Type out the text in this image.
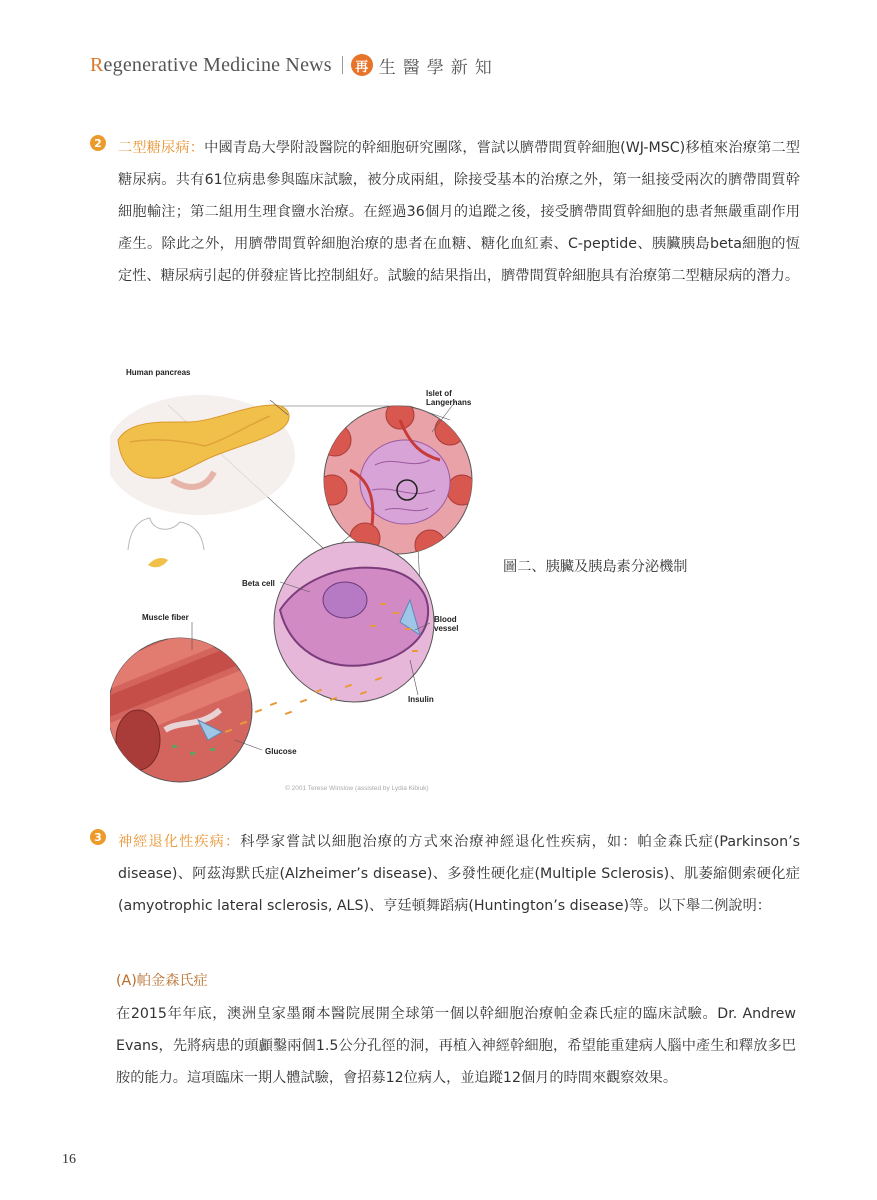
Regenerative Medicine News	再 生醫學新知
2 二型糖尿病：中國青島大學附設醫院的幹細胞研究團隊，嘗試以臍帶間質幹細胞(WJ-MSC)移植來治療第二型糖尿病。共有61位病患參與臨床試驗，被分成兩組，除接受基本的治療之外，第一組接受兩次的臍帶間質幹細胞輸注；第二組用生理食鹽水治療。在經過36個月的追蹤之後，接受臍帶間質幹細胞的患者無嚴重副作用產生。除此之外，用臍帶間質幹細胞治療的患者在血糖、糖化血紅素、C-peptide、胰臟胰島beta細胞的恆定性、糖尿病引起的併發症皆比控制組好。試驗的結果指出，臍帶間質幹細胞具有治療第二型糖尿病的潛力。

Human pancreas
Islet of
Langerhans
Beta cell
Muscle fiber	Blood
vessel
Insulin
Glucose
© 2001 Terese Winslow (assisted by Lydia Kibiuk)
圖二、胰臟及胰島素分泌機制
3 神經退化性疾病：科學家嘗試以細胞治療的方式來治療神經退化性疾病，如：帕金森氏症(Parkinson’s disease)、阿茲海默氏症(Alzheimer’s disease)、多發性硬化症(Multiple Sclerosis)、肌萎縮側索硬化症(amyotrophic lateral sclerosis, ALS)、亨廷頓舞蹈病(Huntington’s disease)等。以下舉二例說明：

(A)帕金森氏症

在2015年年底，澳洲皇家墨爾本醫院展開全球第一個以幹細胞治療帕金森氏症的臨床試驗。Dr. Andrew Evans，先將病患的頭顱鑿兩個1.5公分孔徑的洞，再植入神經幹細胞，希望能重建病人腦中產生和釋放多巴胺的能力。這項臨床一期人體試驗，會招募12位病人，並追蹤12個月的時間來觀察效果。

16
